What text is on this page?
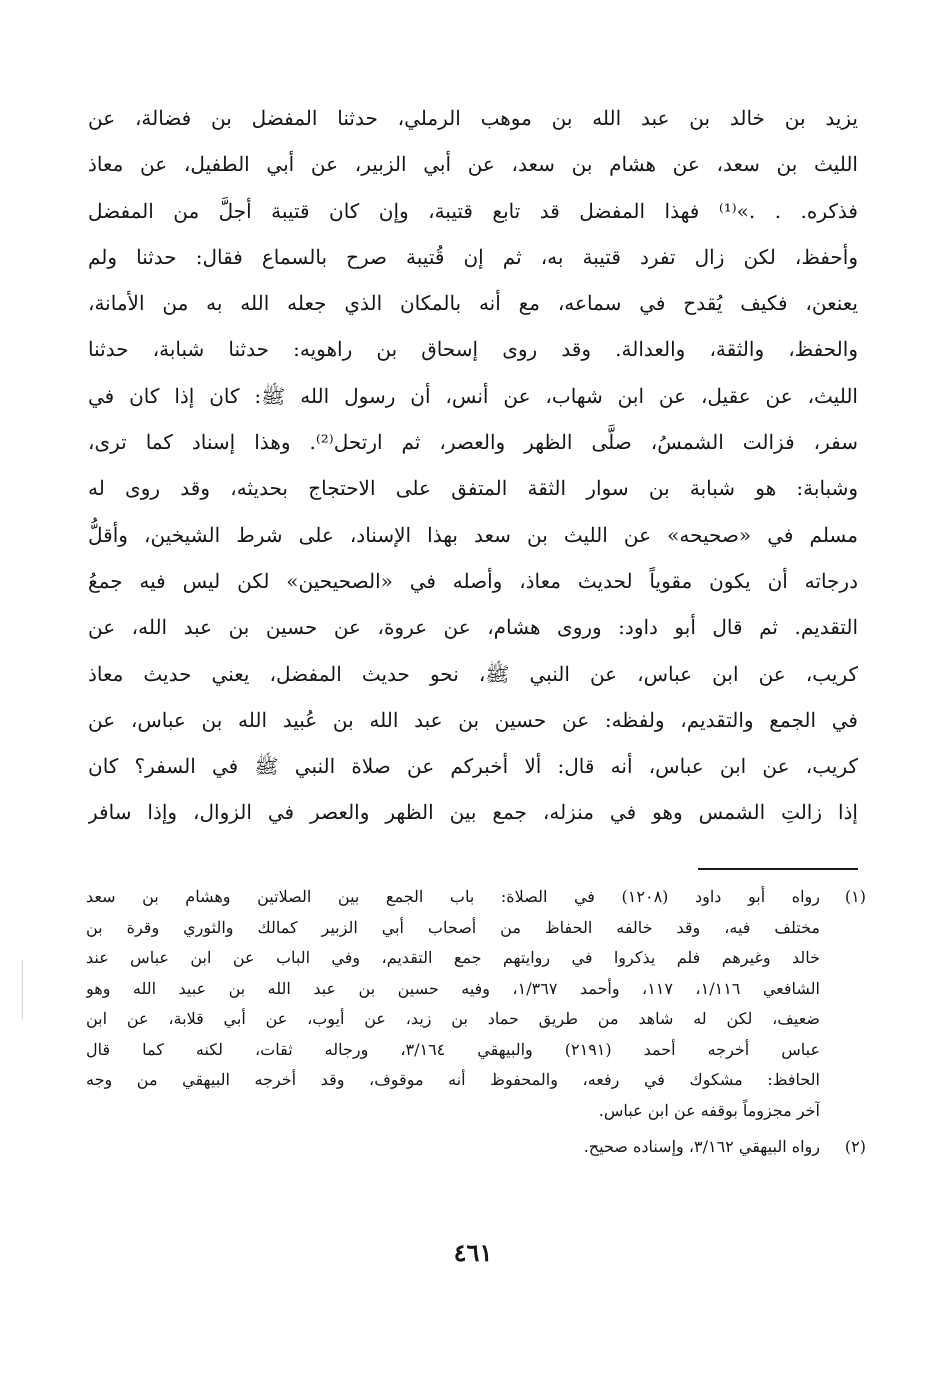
يزيد بن خالد بن عبد الله بن موهب الرملي، حدثنا المفضل بن فضالة، عن
الليث بن سعد، عن هشام بن سعد، عن أبي الزبير، عن أبي الطفيل، عن معاذ
فذكره. . .»⁽¹⁾ فهذا المفضل قد تابع قتيبة، وإن كان قتيبة أجلَّ من المفضل
وأحفظ، لكن زال تفرد قتيبة به، ثم إن قُتيبة صرح بالسماع فقال: حدثنا ولم
يعنعن، فكيف يُقدح في سماعه، مع أنه بالمكان الذي جعله الله به من الأمانة،
والحفظ، والثقة، والعدالة. وقد روى إسحاق بن راهويه: حدثنا شبابة، حدثنا
الليث، عن عقيل، عن ابن شهاب، عن أنس، أن رسول الله ﷺ: كان إذا كان في
سفر، فزالت الشمسُ، صلَّى الظهر والعصر، ثم ارتحل⁽²⁾. وهذا إسناد كما ترى،
وشبابة: هو شبابة بن سوار الثقة المتفق على الاحتجاج بحديثه، وقد روى له
مسلم في «صحيحه» عن الليث بن سعد بهذا الإسناد، على شرط الشيخين، وأقلُّ
درجاته أن يكون مقوياً لحديث معاذ، وأصله في «الصحيحين» لكن ليس فيه جمعُ
التقديم. ثم قال أبو داود: وروى هشام، عن عروة، عن حسين بن عبد الله، عن
كريب، عن ابن عباس، عن النبي ﷺ، نحو حديث المفضل، يعني حديث معاذ
في الجمع والتقديم، ولفظه: عن حسين بن عبد الله بن عُبيد الله بن عباس، عن
كريب، عن ابن عباس، أنه قال: ألا أخبركم عن صلاة النبي ﷺ في السفر؟ كان
إذا زالتِ الشمس وهو في منزله، جمع بين الظهر والعصر في الزوال، وإذا سافر
(١)
رواه أبو داود (١٢٠٨) في الصلاة: باب الجمع بين الصلاتين وهشام بن سعد
مختلف فيه، وقد خالفه الحفاظ من أصحاب أبي الزبير كمالك والثوري وقرة بن
خالد وغيرهم فلم يذكروا في روايتهم جمع التقديم، وفي الباب عن ابن عباس عند
الشافعي ١/١١٦، ١١٧، وأحمد ١/٣٦٧، وفيه حسين بن عبد الله بن عبيد الله وهو
ضعيف، لكن له شاهد من طريق حماد بن زيد، عن أيوب، عن أبي قلابة، عن ابن
عباس أخرجه أحمد (٢١٩١) والبيهقي ٣/١٦٤، ورجاله ثقات، لكنه كما قال
الحافظ: مشكوك في رفعه، والمحفوظ أنه موقوف، وقد أخرجه البيهقي من وجه
آخر مجزوماً بوقفه عن ابن عباس.
(٢)
رواه البيهقي ٣/١٦٢، وإسناده صحيح.
٤٦١
